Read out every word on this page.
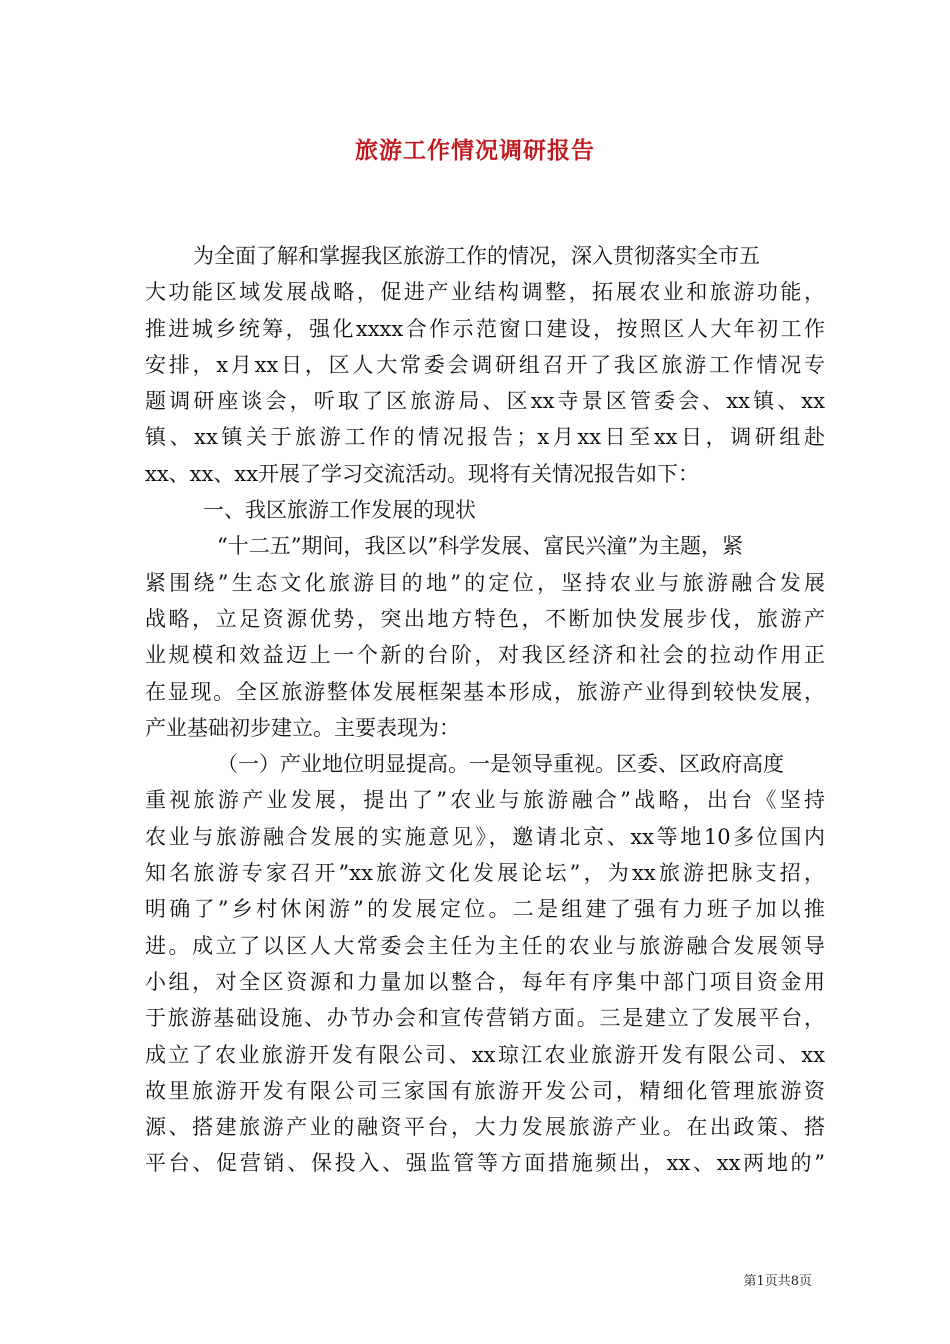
旅游工作情况调研报告
为全面了解和掌握我区旅游工作的情况，深入贯彻落实全市五
大功能区域发展战略，促进产业结构调整，拓展农业和旅游功能，
推进城乡统筹，强化xxxx合作示范窗口建设，按照区人大年初工作
安排，x月xx日，区人大常委会调研组召开了我区旅游工作情况专
题调研座谈会，听取了区旅游局、区xx寺景区管委会、xx镇、xx
镇、xx镇关于旅游工作的情况报告；x月xx日至xx日，调研组赴
xx、xx、xx开展了学习交流活动。现将有关情况报告如下：
一、我区旅游工作发展的现状
“十二五”期间，我区以”科学发展、富民兴潼”为主题，紧
紧围绕”生态文化旅游目的地”的定位，坚持农业与旅游融合发展
战略，立足资源优势，突出地方特色，不断加快发展步伐，旅游产
业规模和效益迈上一个新的台阶，对我区经济和社会的拉动作用正
在显现。全区旅游整体发展框架基本形成，旅游产业得到较快发展，
产业基础初步建立。主要表现为：
（一）产业地位明显提高。一是领导重视。区委、区政府高度
重视旅游产业发展，提出了”农业与旅游融合”战略，出台《坚持
农业与旅游融合发展的实施意见》，邀请北京、xx等地10多位国内
知名旅游专家召开”xx旅游文化发展论坛”，为xx旅游把脉支招，
明确了”乡村休闲游”的发展定位。二是组建了强有力班子加以推
进。成立了以区人大常委会主任为主任的农业与旅游融合发展领导
小组，对全区资源和力量加以整合，每年有序集中部门项目资金用
于旅游基础设施、办节办会和宣传营销方面。三是建立了发展平台，
成立了农业旅游开发有限公司、xx琼江农业旅游开发有限公司、xx
故里旅游开发有限公司三家国有旅游开发公司，精细化管理旅游资
源、搭建旅游产业的融资平台，大力发展旅游产业。在出政策、搭
平台、促营销、保投入、强监管等方面措施频出，xx、xx两地的”
第1页共8页
